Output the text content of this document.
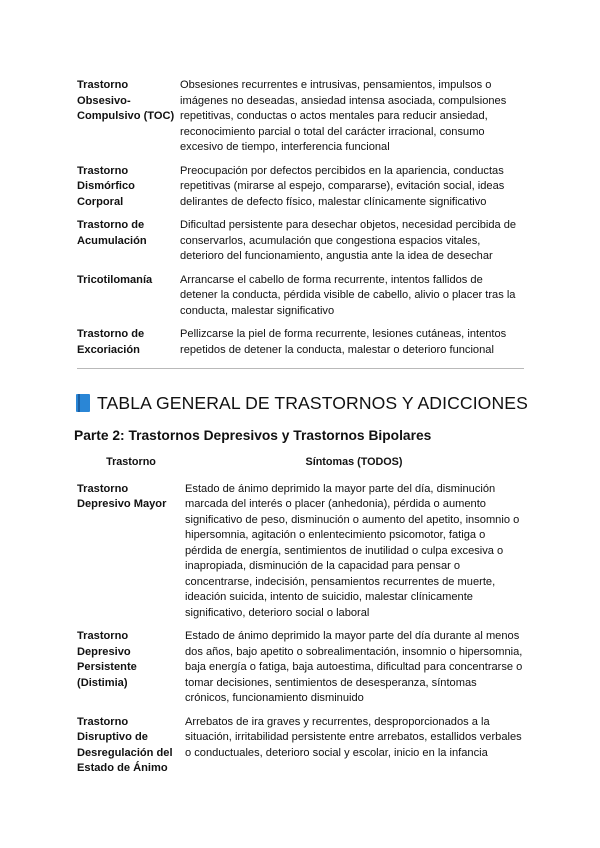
Trastorno Obsesivo-Compulsivo (TOC)	Obsesiones recurrentes e intrusivas, pensamientos, impulsos o imágenes no deseadas, ansiedad intensa asociada, compulsiones repetitivas, conductas o actos mentales para reducir ansiedad, reconocimiento parcial o total del carácter irracional, consumo excesivo de tiempo, interferencia funcional
Trastorno Dismórfico Corporal	Preocupación por defectos percibidos en la apariencia, conductas repetitivas (mirarse al espejo, compararse), evitación social, ideas delirantes de defecto físico, malestar clínicamente significativo
Trastorno de Acumulación	Dificultad persistente para desechar objetos, necesidad percibida de conservarlos, acumulación que congestiona espacios vitales, deterioro del funcionamiento, angustia ante la idea de desechar
Tricotilomanía	Arrancarse el cabello de forma recurrente, intentos fallidos de detener la conducta, pérdida visible de cabello, alivio o placer tras la conducta, malestar significativo
Trastorno de Excoriación	Pellizcarse la piel de forma recurrente, lesiones cutáneas, intentos repetidos de detener la conducta, malestar o deterioro funcional
TABLA GENERAL DE TRASTORNOS Y ADICCIONES
Parte 2: Trastornos Depresivos y Trastornos Bipolares
Trastorno	Síntomas (TODOS)
Trastorno Depresivo Mayor	Estado de ánimo deprimido la mayor parte del día, disminución marcada del interés o placer (anhedonia), pérdida o aumento significativo de peso, disminución o aumento del apetito, insomnio o hipersomnia, agitación o enlentecimiento psicomotor, fatiga o pérdida de energía, sentimientos de inutilidad o culpa excesiva o inapropiada, disminución de la capacidad para pensar o concentrarse, indecisión, pensamientos recurrentes de muerte, ideación suicida, intento de suicidio, malestar clínicamente significativo, deterioro social o laboral
Trastorno Depresivo Persistente (Distimia)	Estado de ánimo deprimido la mayor parte del día durante al menos dos años, bajo apetito o sobrealimentación, insomnio o hipersomnia, baja energía o fatiga, baja autoestima, dificultad para concentrarse o tomar decisiones, sentimientos de desesperanza, síntomas crónicos, funcionamiento disminuido
Trastorno Disruptivo de Desregulación del Estado de Ánimo	Arrebatos de ira graves y recurrentes, desproporcionados a la situación, irritabilidad persistente entre arrebatos, estallidos verbales o conductuales, deterioro social y escolar, inicio en la infancia
